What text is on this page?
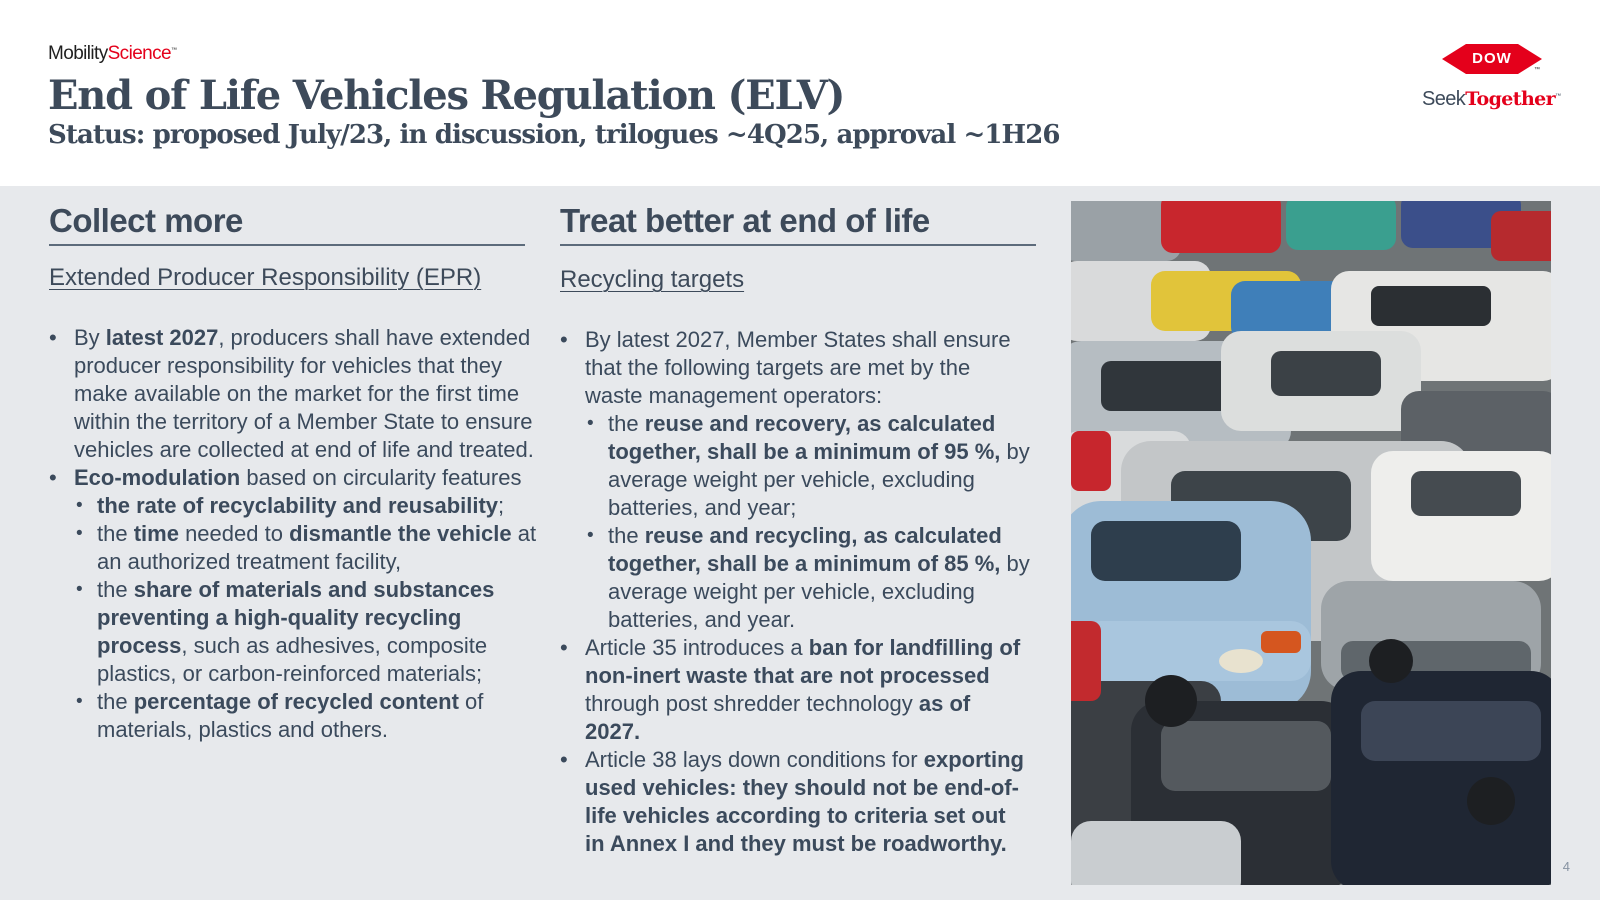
MobilityScience™
End of Life Vehicles Regulation (ELV)
Status: proposed July/23, in discussion, trilogues ~4Q25, approval ~1H26
DOW
™
SeekTogether™
Collect more
Extended Producer Responsibility (EPR)
• By latest 2027, producers shall have extended producer responsibility for vehicles that they make available on the market for the first time within the territory of a Member State to ensure vehicles are collected at end of life and treated.
• Eco-modulation based on circularity features
• the rate of recyclability and reusability;
• the time needed to dismantle the vehicle at an authorized treatment facility,
• the share of materials and substances preventing a high-quality recycling process, such as adhesives, composite plastics, or carbon-reinforced materials;
• the percentage of recycled content of materials, plastics and others.
Treat better at end of life
Recycling targets
• By latest 2027, Member States shall ensure that the following targets are met by the waste management operators:
• the reuse and recovery, as calculated together, shall be a minimum of 95 %, by average weight per vehicle, excluding batteries, and year;
• the reuse and recycling, as calculated together, shall be a minimum of 85 %, by average weight per vehicle, excluding batteries, and year.
• Article 35 introduces a ban for landfilling of non-inert waste that are not processed through post shredder technology as of 2027.
• Article 38 lays down conditions for exporting used vehicles: they should not be end-of-life vehicles according to criteria set out in Annex I and they must be roadworthy.
4
